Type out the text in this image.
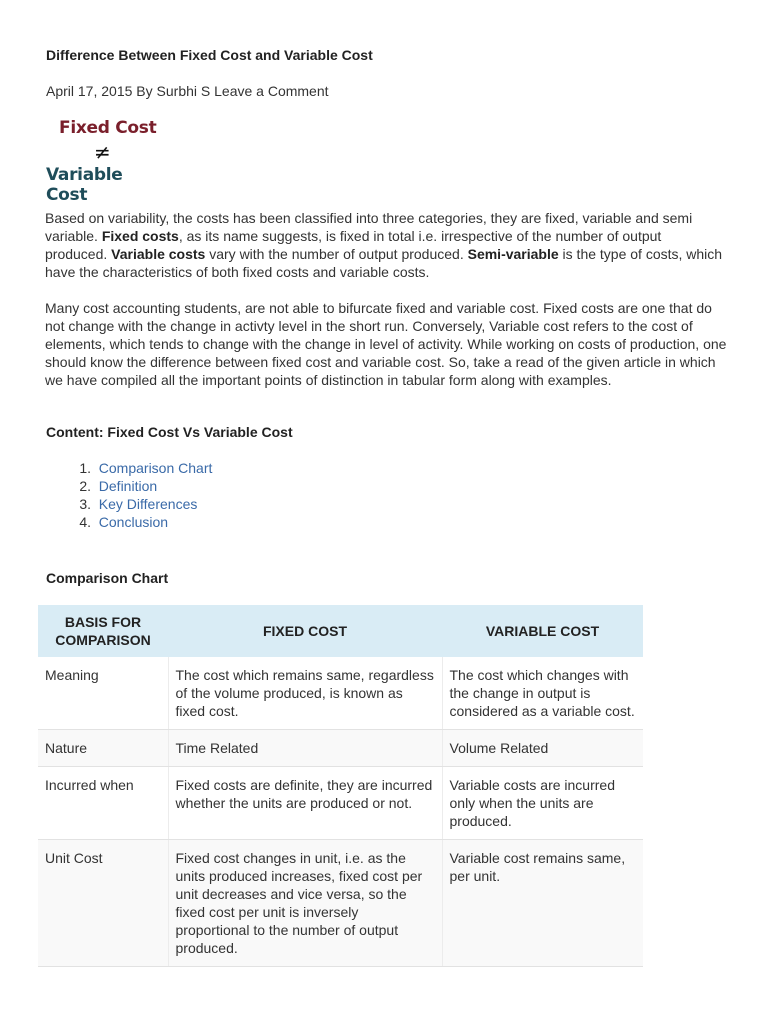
Difference Between Fixed Cost and Variable Cost
April 17, 2015 By Surbhi S Leave a Comment
Fixed Cost
≠
Variable Cost

Based on variability, the costs has been classified into three categories, they are fixed, variable and semi variable. Fixed costs, as its name suggests, is fixed in total i.e. irrespective of the number of output produced. Variable costs vary with the number of output produced. Semi-variable is the type of costs, which have the characteristics of both fixed costs and variable costs.

Many cost accounting students, are not able to bifurcate fixed and variable cost. Fixed costs are one that do not change with the change in activty level in the short run. Conversely, Variable cost refers to the cost of elements, which tends to change with the change in level of activity. While working on costs of production, one should know the difference between fixed cost and variable cost. So, take a read of the given article in which we have compiled all the important points of distinction in tabular form along with examples.

Content: Fixed Cost Vs Variable Cost
1.
Comparison Chart
2.
Definition
3.
Key Differences
4.
Conclusion
Comparison Chart
BASIS FOR COMPARISON	FIXED COST	VARIABLE COST
Meaning	The cost which remains same, regardless of the volume produced, is known as fixed cost.	The cost which changes with the change in output is considered as a variable cost.
Nature	Time Related	Volume Related
Incurred when	Fixed costs are definite, they are incurred whether the units are produced or not.	Variable costs are incurred only when the units are produced.
Unit Cost	Fixed cost changes in unit, i.e. as the units produced increases, fixed cost per unit decreases and vice versa, so the fixed cost per unit is inversely proportional to the number of output produced.	Variable cost remains same, per unit.
